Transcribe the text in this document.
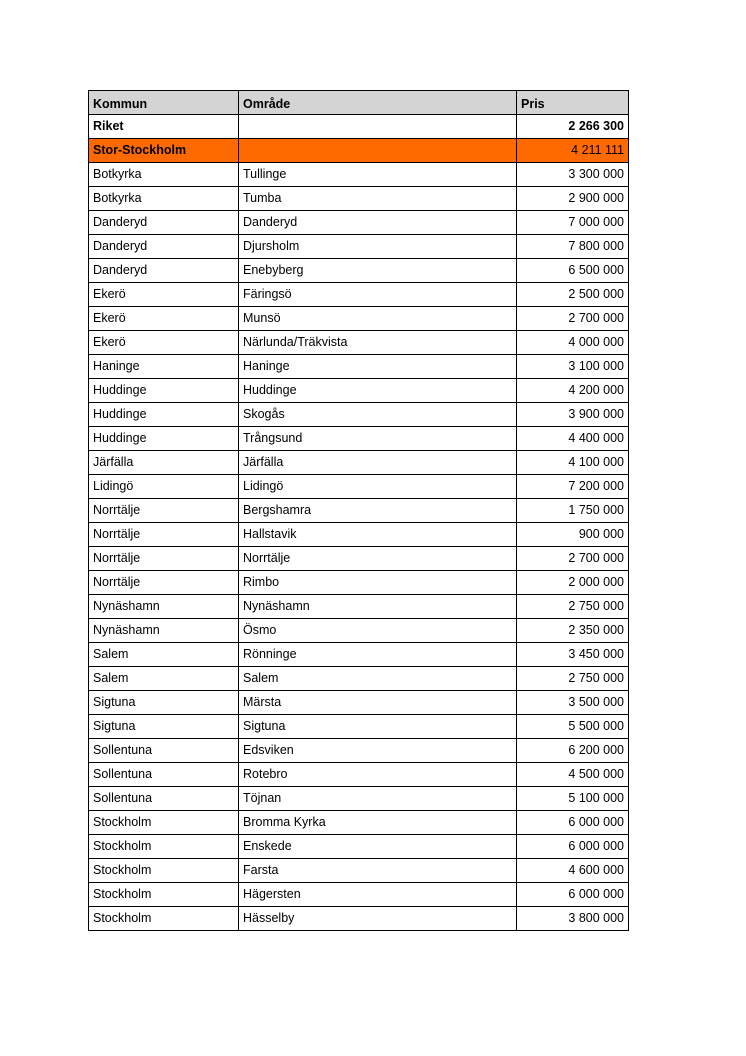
Kommun	Område	Pris
Riket		2 266 300
Stor-Stockholm		4 211 111
Botkyrka	Tullinge	3 300 000
Botkyrka	Tumba	2 900 000
Danderyd	Danderyd	7 000 000
Danderyd	Djursholm	7 800 000
Danderyd	Enebyberg	6 500 000
Ekerö	Färingsö	2 500 000
Ekerö	Munsö	2 700 000
Ekerö	Närlunda/Träkvista	4 000 000
Haninge	Haninge	3 100 000
Huddinge	Huddinge	4 200 000
Huddinge	Skogås	3 900 000
Huddinge	Trångsund	4 400 000
Järfälla	Järfälla	4 100 000
Lidingö	Lidingö	7 200 000
Norrtälje	Bergshamra	1 750 000
Norrtälje	Hallstavik	900 000
Norrtälje	Norrtälje	2 700 000
Norrtälje	Rimbo	2 000 000
Nynäshamn	Nynäshamn	2 750 000
Nynäshamn	Ösmo	2 350 000
Salem	Rönninge	3 450 000
Salem	Salem	2 750 000
Sigtuna	Märsta	3 500 000
Sigtuna	Sigtuna	5 500 000
Sollentuna	Edsviken	6 200 000
Sollentuna	Rotebro	4 500 000
Sollentuna	Töjnan	5 100 000
Stockholm	Bromma Kyrka	6 000 000
Stockholm	Enskede	6 000 000
Stockholm	Farsta	4 600 000
Stockholm	Hägersten	6 000 000
Stockholm	Hässelby	3 800 000
